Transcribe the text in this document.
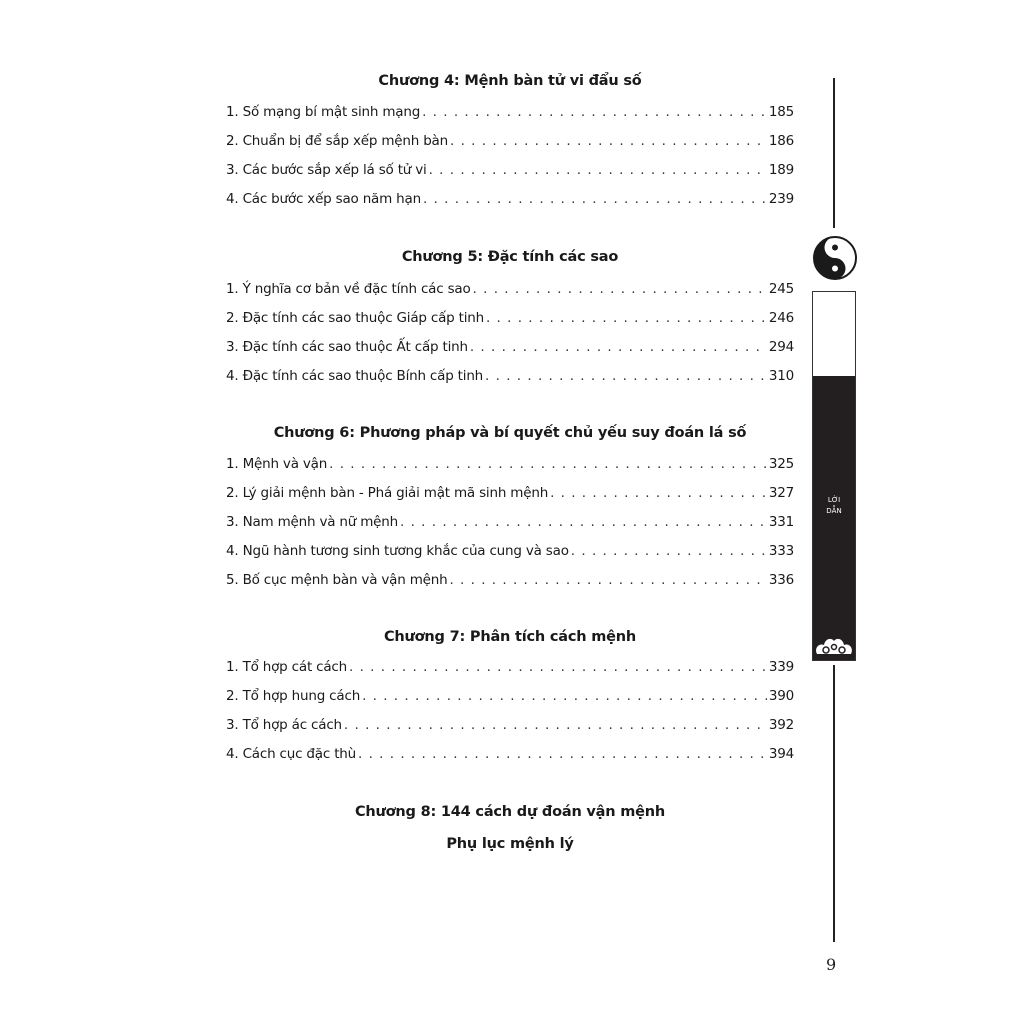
Chương 4: Mệnh bàn tử vi đẩu số
1. Số mạng bí mật sinh mạng . . .	185
2. Chuẩn bị để sắp xếp mệnh bàn . . .	186
3. Các bước sắp xếp lá số tử vi . . .	189
4. Các bước xếp sao năm hạn . . .	239
Chương 5: Đặc tính các sao
1. Ý nghĩa cơ bản về đặc tính các sao . . .	245
2. Đặc tính các sao thuộc Giáp cấp tinh . . .	246
3. Đặc tính các sao thuộc Ất cấp tinh . . .	294
4. Đặc tính các sao thuộc Bính cấp tinh . . .	310
Chương 6: Phương pháp và bí quyết chủ yếu suy đoán lá số
1. Mệnh và vận . . .	325
2. Lý giải mệnh bàn - Phá giải mật mã sinh mệnh . . .	327
3. Nam mệnh và nữ mệnh . . .	331
4. Ngũ hành tương sinh tương khắc của cung và sao . . .	333
5. Bố cục mệnh bàn và vận mệnh . . .	336
Chương 7: Phân tích cách mệnh
1. Tổ hợp cát cách . . .	339
2. Tổ hợp hung cách . . .	390
3. Tổ hợp ác cách . . .	392
4. Cách cục đặc thù . . .	394
Chương 8: 144 cách dự đoán vận mệnh
Phụ lục mệnh lý
LỜI
DẪN
9
